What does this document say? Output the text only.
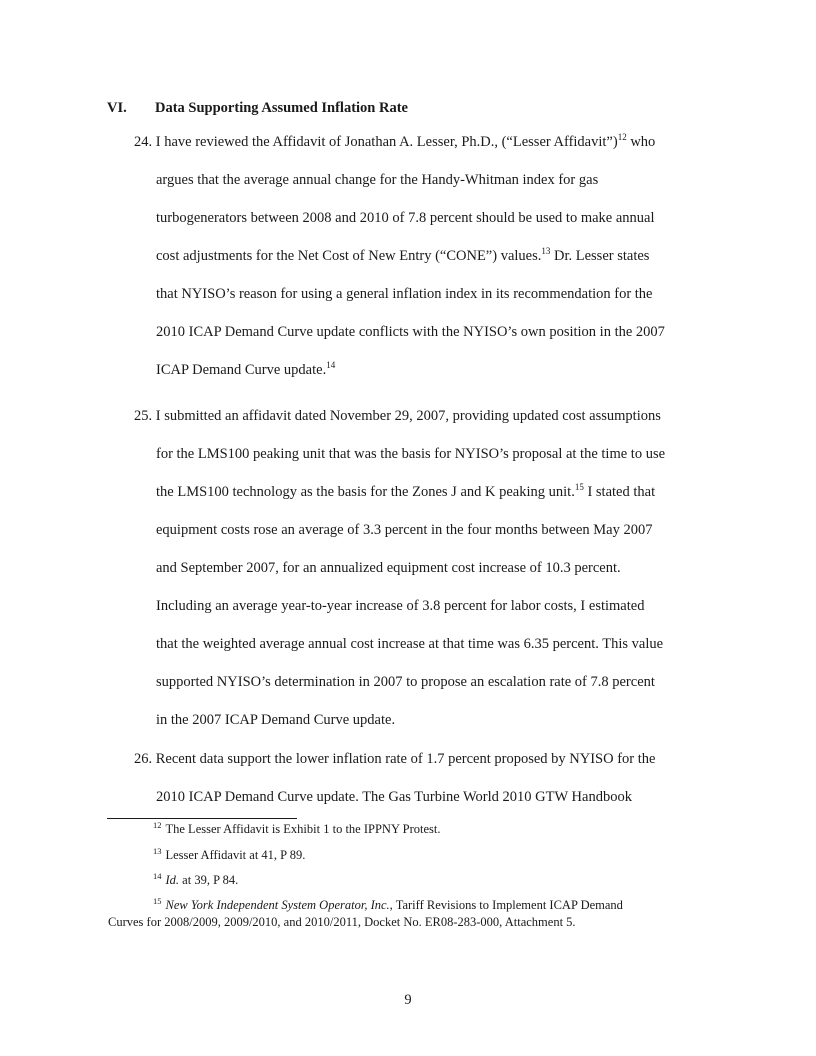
VI. Data Supporting Assumed Inflation Rate
24. I have reviewed the Affidavit of Jonathan A. Lesser, Ph.D., (“Lesser Affidavit”)$^{12}$ who
argues that the average annual change for the Handy-Whitman index for gas
turbogenerators between 2008 and 2010 of 7.8 percent should be used to make annual
cost adjustments for the Net Cost of New Entry (“CONE”) values.$^{13}$ Dr. Lesser states
that NYISO’s reason for using a general inflation index in its recommendation for the
2010 ICAP Demand Curve update conflicts with the NYISO’s own position in the 2007
ICAP Demand Curve update.$^{14}$
25. I submitted an affidavit dated November 29, 2007, providing updated cost assumptions
for the LMS100 peaking unit that was the basis for NYISO’s proposal at the time to use
the LMS100 technology as the basis for the Zones J and K peaking unit.$^{15}$ I stated that
equipment costs rose an average of 3.3 percent in the four months between May 2007
and September 2007, for an annualized equipment cost increase of 10.3 percent.
Including an average year-to-year increase of 3.8 percent for labor costs, I estimated
that the weighted average annual cost increase at that time was 6.35 percent. This value
supported NYISO’s determination in 2007 to propose an escalation rate of 7.8 percent
in the 2007 ICAP Demand Curve update.
26. Recent data support the lower inflation rate of 1.7 percent proposed by NYISO for the
2010 ICAP Demand Curve update. The Gas Turbine World 2010 GTW Handbook
$^{12}$ The Lesser Affidavit is Exhibit 1 to the IPPNY Protest.
$^{13}$ Lesser Affidavit at 41, P 89.
$^{14}$ Id. at 39, P 84.
$^{15}$ New York Independent System Operator, Inc., Tariff Revisions to Implement ICAP Demand
Curves for 2008/2009, 2009/2010, and 2010/2011, Docket No. ER08-283-000, Attachment 5.
9
